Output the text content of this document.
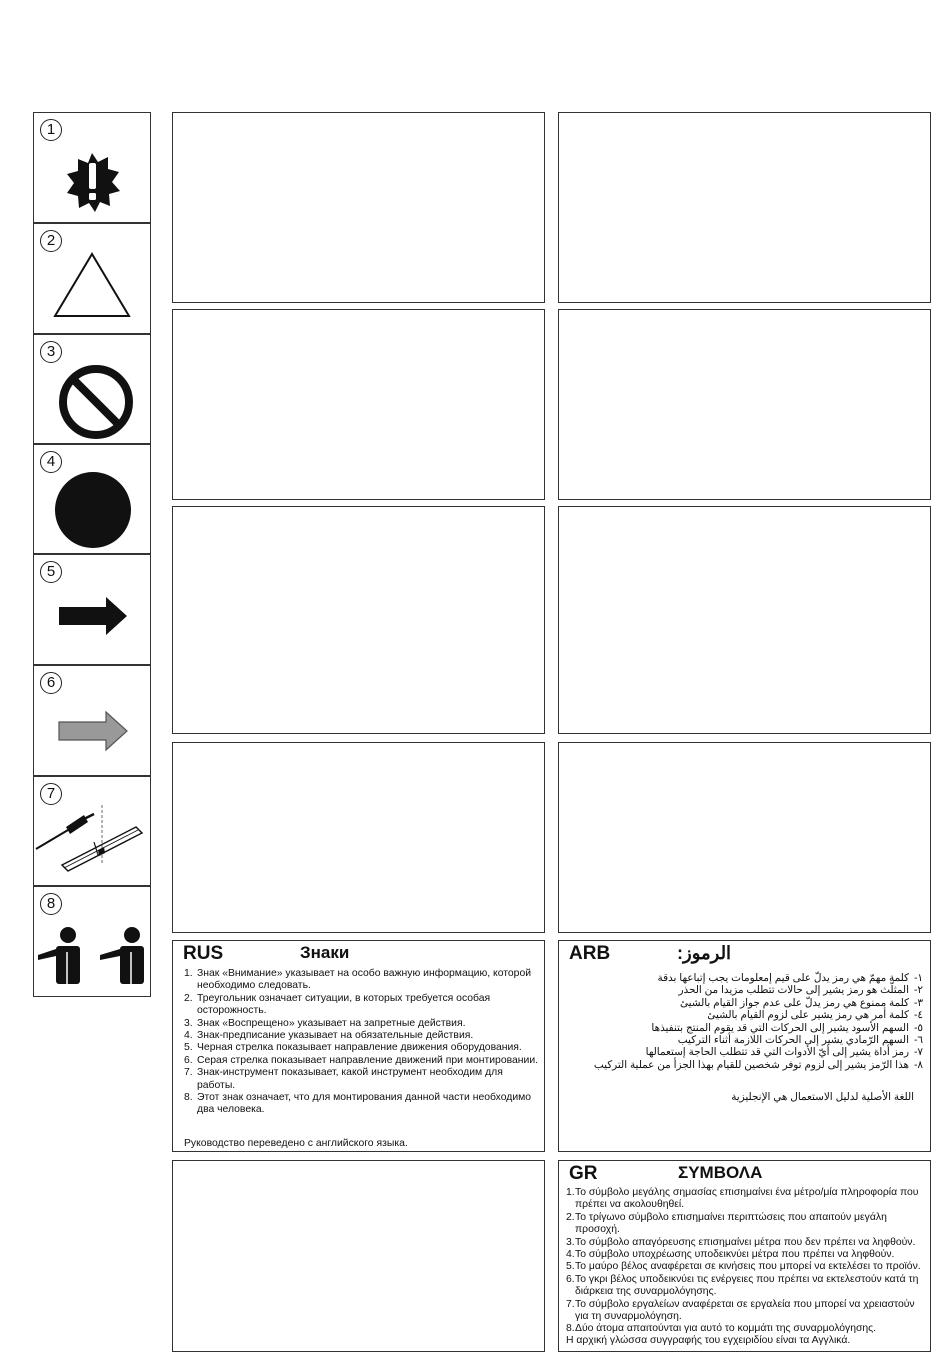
1
2
3
4
5
6
7
8
RUS	Знаки
1. Знак «Внимание» указывает на особо важную информацию, которой необходимо следовать.
2. Треугольник означает ситуации, в которых требуется особая осторожность.
3. Знак «Воспрещено» указывает на запретные действия.
4. Знак-предписание указывает на обязательные действия.
5. Черная стрелка показывает направление движения оборудования.
6. Серая стрелка показывает направление движений при монтировании.
7. Знак-инструмент показывает, какой инструмент необходим для работы.
8. Этот знак означает, что для монтирования данной части необходимо два человека.
Руководство переведено с английского языка.
ARB	:الرموز
١-
كلمة مهمّ هي رمز يدلّ على قيم إمعلومات يجب إتباعها بدقة
٢-
المثلّث هو رمز يشير إلى حالات تتطلب مزيدا من الحذر
٣-
كلمة ممنوع هي رمز يدلّ على عدم جواز القيام بالشيئ
٤-
كلمة أمر هي رمز يشير على لزوم القيام بالشيئ
٥-
السهم الأسود يشير إلى الحركات التي قد يقوم المنتج بتنفيذها
٦-
السهم الرّمادي يشير إلى الحركات اللازمة أثناء التركيب
٧-
رمز أداة يشير إلى أيّ الأدوات التي قد تتطلب الحاجة إستعمالها
٨-
هذا الرّمز يشير إلى لزوم توفر شخصين للقيام بهذا الجزأ من عملية التركيب
اللغة الأصلية لدليل الاستعمال هي الإنجليزية
GR	ΣΥΜΒΟΛΑ
1. Το σύμβολο μεγάλης σημασίας επισημαίνει ένα μέτρο/μία πληροφορία που πρέπει να ακολουθηθεί.
2. Το τρίγωνο σύμβολο επισημαίνει περιπτώσεις που απαιτούν μεγάλη προσοχή.
3. Το σύμβολο απαγόρευσης επισημαίνει μέτρα που δεν πρέπει να ληφθούν.
4. Το σύμβολο υποχρέωσης υποδεικνύει μέτρα που πρέπει να ληφθούν.
5. Το μαύρο βέλος αναφέρεται σε κινήσεις που μπορεί να εκτελέσει το προϊόν.
6. Το γκρι βέλος υποδεικνύει τις ενέργειες που πρέπει να εκτελεστούν κατά τη διάρκεια της συναρμολόγησης.
7. Το σύμβολο εργαλείων αναφέρεται σε εργαλεία που μπορεί να χρειαστούν για τη συναρμολόγηση.
8. Δύο άτομα απαιτούνται για αυτό το κομμάτι της συναρμολόγησης.
Η αρχική γλώσσα συγγραφής του εγχειριδίου είναι τα Αγγλικά.
